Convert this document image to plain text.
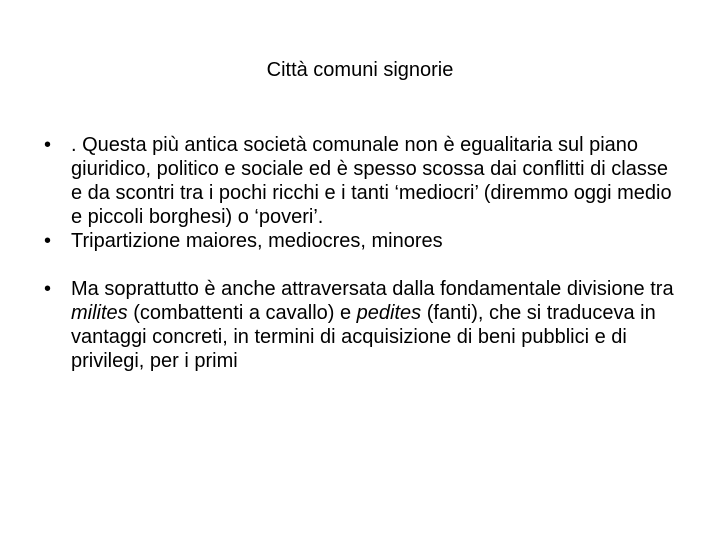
Città comuni signorie
• . Questa più antica società comunale non è egualitaria sul piano giuridico, politico e sociale ed è spesso scossa dai conflitti di classe e da scontri tra i pochi ricchi e i tanti ‘mediocri’ (diremmo oggi medio e piccoli borghesi) o ‘poveri’.
• Tripartizione maiores, mediocres, minores
• Ma soprattutto è anche attraversata dalla fondamentale divisione tra milites (combattenti a cavallo) e pedites (fanti), che si traduceva in vantaggi concreti, in termini di acquisizione di beni pubblici e di privilegi, per i primi
